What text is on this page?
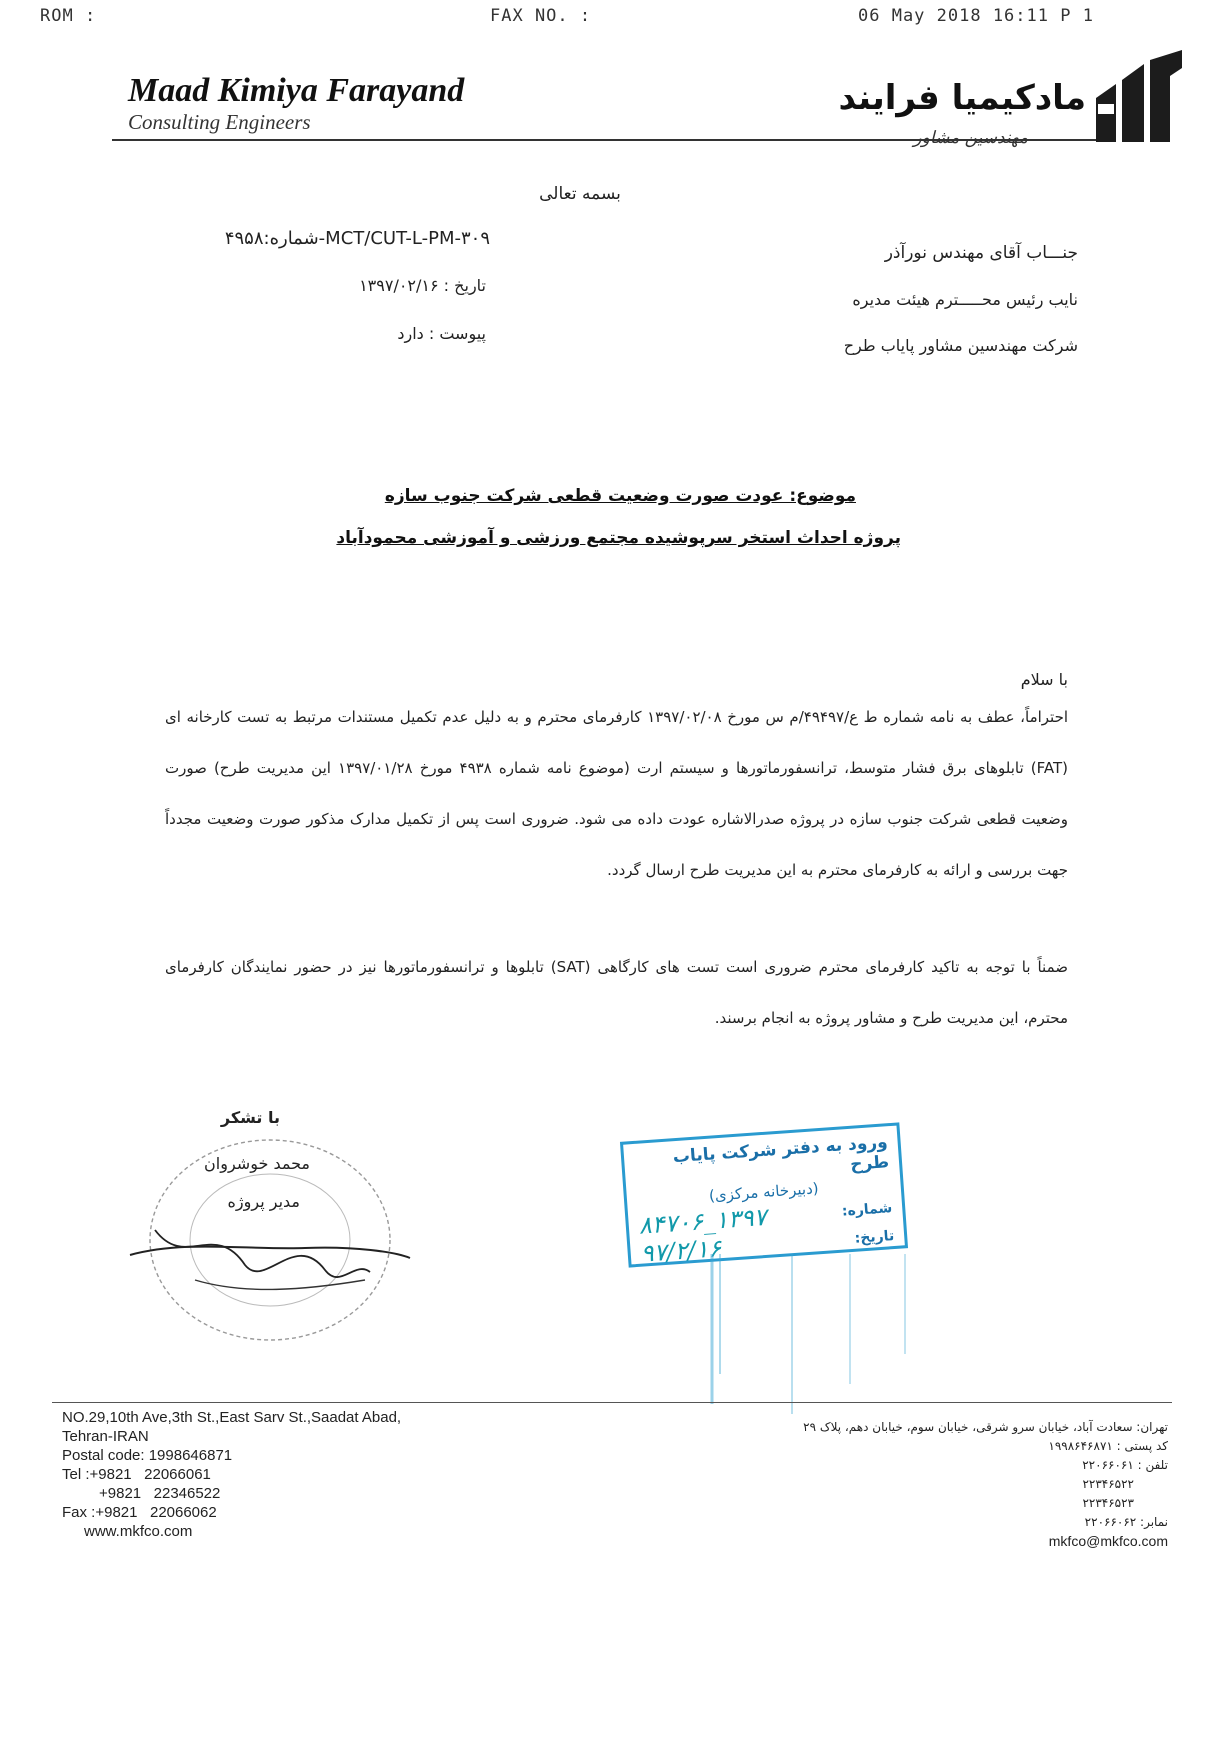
ROM :	FAX NO. :	06 May 2018 16:11 P 1
Maad Kimiya Farayand
Consulting Engineers
مادکیمیا فرایند
مهندسین مشاور
بسمه تعالی
شماره:۴۹۵۸-MCT/CUT-L-PM-۳۰۹
تاریخ : ۱۳۹۷/۰۲/۱۶
پیوست : دارد
جنـــاب آقای مهندس نورآذر
نایب رئیس محـــــترم هیئت مدیره
شرکت مهندسین مشاور پایاب طرح
موضوع: عودت صورت وضعیت قطعی شرکت جنوب سازه
پروژه احداث استخر سرپوشیده مجتمع ورزشی و آموزشی محمودآباد
با سلام
احتراماً، عطف به نامه شماره ط ع/۴۹۴۹۷/م س مورخ ۱۳۹۷/۰۲/۰۸ کارفرمای محترم و به دلیل عدم تکمیل مستندات مرتبط به تست کارخانه ای (FAT) تابلوهای برق فشار متوسط، ترانسفورماتورها و سیستم ارت (موضوع نامه شماره ۴۹۳۸ مورخ ۱۳۹۷/۰۱/۲۸ این مدیریت طرح) صورت وضعیت قطعی شرکت جنوب سازه در پروژه صدرالاشاره عودت داده می شود. ضروری است پس از تکمیل مدارک مذکور صورت وضعیت مجدداً جهت بررسی و ارائه به کارفرمای محترم به این مدیریت طرح ارسال گردد.
ضمناً با توجه به تاکید کارفرمای محترم ضروری است تست های کارگاهی (SAT) تابلوها و ترانسفورماتورها نیز در حضور نمایندگان کارفرمای محترم، این مدیریت طرح و مشاور پروژه به انجام برسند.
با تشکر
محمد خوشروان
مدیر پروژه
ورود به دفتر شرکت پایاب طرح
(دبیرخانه مرکزی)
شماره:
۱۳۹۷_۸۴۷۰۶
تاریخ:
۹۷/۲/۱۶
NO.29,10th Ave,3th St.,East Sarv St.,Saadat Abad,
Tehran-IRAN
Postal code: 1998646871
Tel :+9821   22066061
+9821   22346522
Fax :+9821   22066062
www.mkfco.com
تهران: سعادت آباد، خیابان سرو شرقی، خیابان سوم، خیابان دهم، پلاک ۲۹
کد پستی : ۱۹۹۸۶۴۶۸۷۱
تلفن : ۲۲۰۶۶۰۶۱
۲۲۳۴۶۵۲۲
۲۲۳۴۶۵۲۳
نمابر: ۲۲۰۶۶۰۶۲
mkfco@mkfco.com
